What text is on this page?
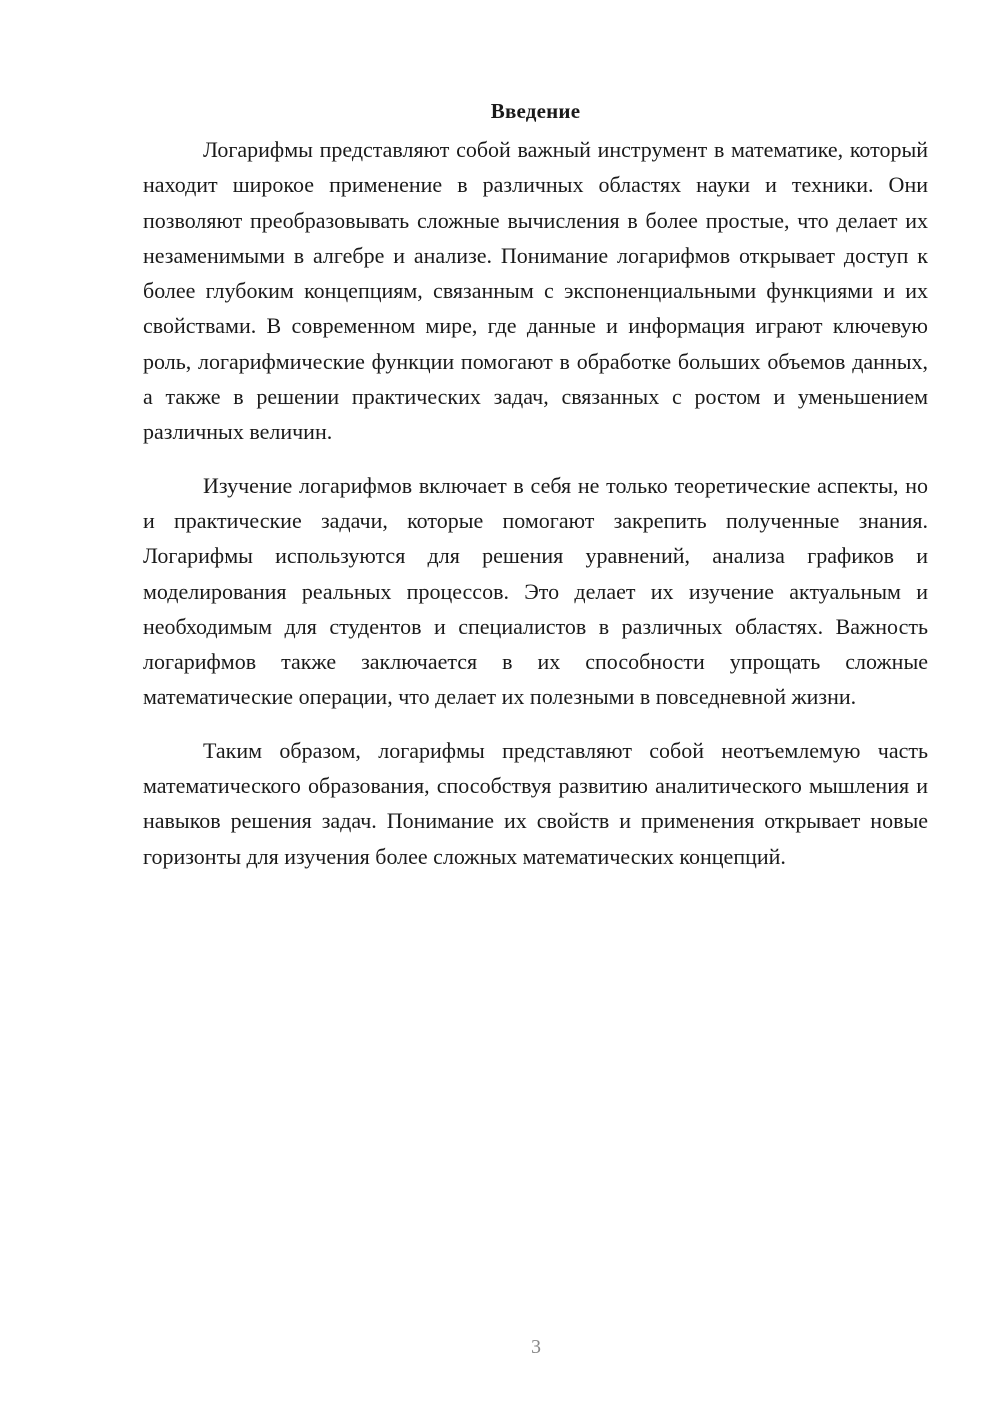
Введение

Логарифмы представляют собой важный инструмент в математике, который находит широкое применение в различных областях науки и техники. Они позволяют преобразовывать сложные вычисления в более простые, что делает их незаменимыми в алгебре и анализе. Понимание логарифмов открывает доступ к более глубоким концепциям, связанным с экспоненциальными функциями и их свойствами. В современном мире, где данные и информация играют ключевую роль, логарифмические функции помогают в обработке больших объемов данных, а также в решении практических задач, связанных с ростом и уменьшением различных величин.

Изучение логарифмов включает в себя не только теоретические аспекты, но и практические задачи, которые помогают закрепить полученные знания. Логарифмы используются для решения уравнений, анализа графиков и моделирования реальных процессов. Это делает их изучение актуальным и необходимым для студентов и специалистов в различных областях. Важность логарифмов также заключается в их способности упрощать сложные математические операции, что делает их полезными в повседневной жизни.

Таким образом, логарифмы представляют собой неотъемлемую часть математического образования, способствуя развитию аналитического мышления и навыков решения задач. Понимание их свойств и применения открывает новые горизонты для изучения более сложных математических концепций.

3
